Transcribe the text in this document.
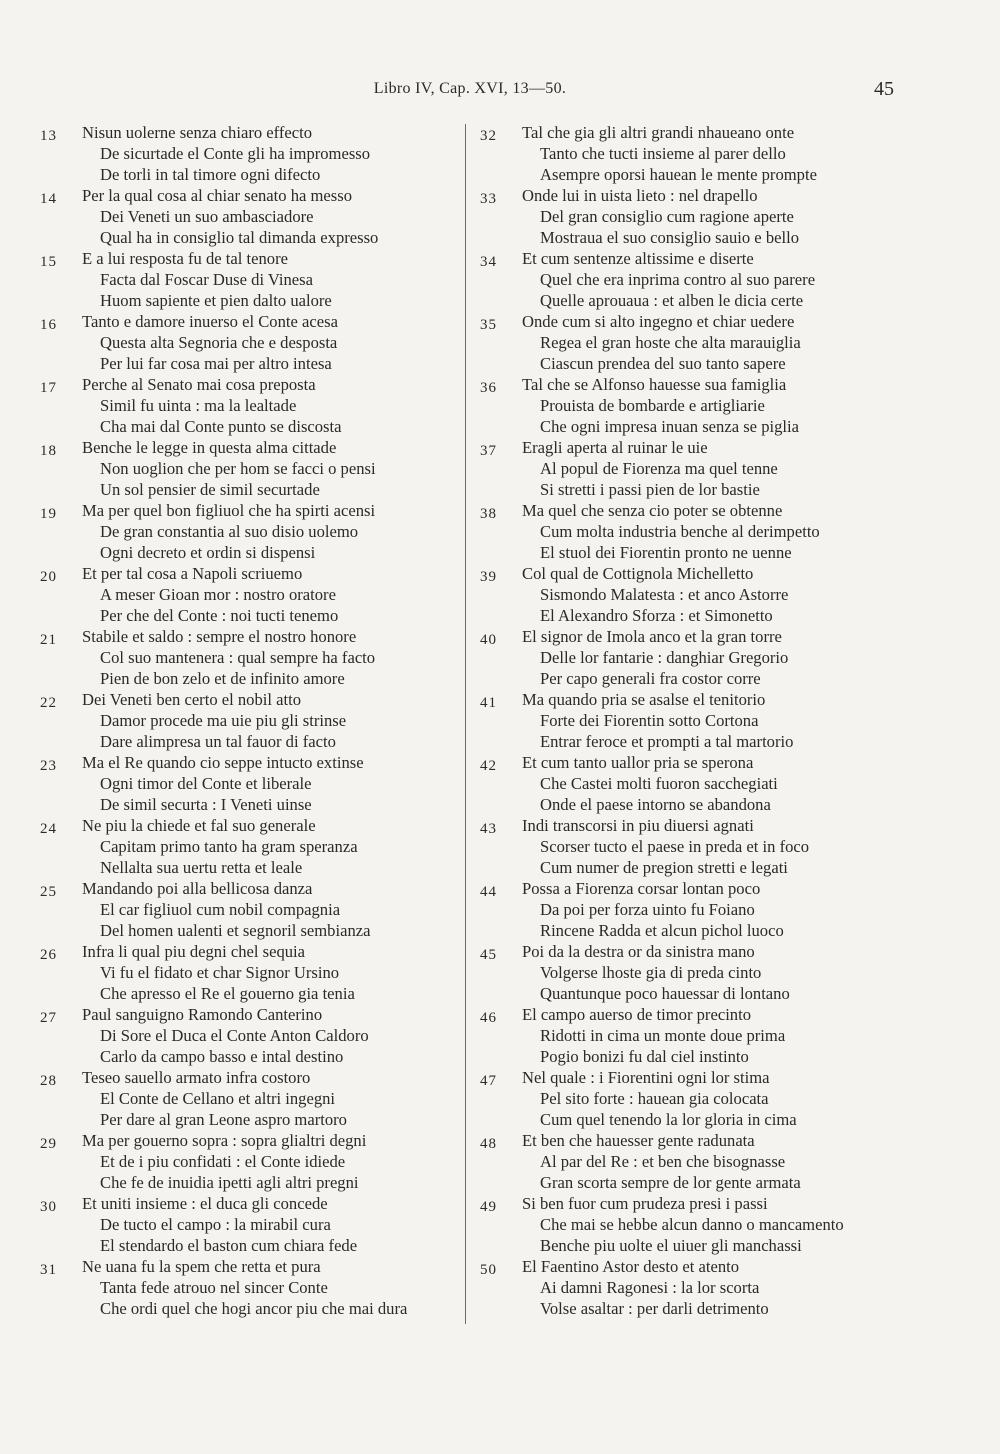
Libro IV, Cap. XVI, 13—50.	45
13	Nisun uolerne senza chiaro effecto
De sicurtade el Conte gli ha impromesso
De torli in tal timore ogni difecto
14	Per la qual cosa al chiar senato ha messo
Dei Veneti un suo ambasciadore
Qual ha in consiglio tal dimanda expresso
15	E a lui resposta fu de tal tenore
Facta dal Foscar Duse di Vinesa
Huom sapiente et pien dalto ualore
16	Tanto e damore inuerso el Conte acesa
Questa alta Segnoria che e desposta
Per lui far cosa mai per altro intesa
17	Perche al Senato mai cosa preposta
Simil fu uinta : ma la lealtade
Cha mai dal Conte punto se discosta
18	Benche le legge in questa alma cittade
Non uoglion che per hom se facci o pensi
Un sol pensier de simil securtade
19	Ma per quel bon figliuol che ha spirti acensi
De gran constantia al suo disio uolemo
Ogni decreto et ordin si dispensi
20	Et per tal cosa a Napoli scriuemo
A meser Gioan mor : nostro oratore
Per che del Conte : noi tucti tenemo
21	Stabile et saldo : sempre el nostro honore
Col suo mantenera : qual sempre ha facto
Pien de bon zelo et de infinito amore
22	Dei Veneti ben certo el nobil atto
Damor procede ma uie piu gli strinse
Dare alimpresa un tal fauor di facto
23	Ma el Re quando cio seppe intucto extinse
Ogni timor del Conte et liberale
De simil securta : I Veneti uinse
24	Ne piu la chiede et fal suo generale
Capitam primo tanto ha gram speranza
Nellalta sua uertu retta et leale
25	Mandando poi alla bellicosa danza
El car figliuol cum nobil compagnia
Del homen ualenti et segnoril sembianza
26	Infra li qual piu degni chel sequia
Vi fu el fidato et char Signor Ursino
Che apresso el Re el gouerno gia tenia
27	Paul sanguigno Ramondo Canterino
Di Sore el Duca el Conte Anton Caldoro
Carlo da campo basso e intal destino
28	Teseo sauello armato infra costoro
El Conte de Cellano et altri ingegni
Per dare al gran Leone aspro martoro
29	Ma per gouerno sopra : sopra glialtri degni
Et de i piu confidati : el Conte idiede
Che fe de inuidia ipetti agli altri pregni
30	Et uniti insieme : el duca gli concede
De tucto el campo : la mirabil cura
El stendardo el baston cum chiara fede
31	Ne uana fu la spem che retta et pura
Tanta fede atrouo nel sincer Conte
Che ordi quel che hogi ancor piu che mai dura
32	Tal che gia gli altri grandi nhaueano onte
Tanto che tucti insieme al parer dello
Asempre oporsi hauean le mente prompte
33	Onde lui in uista lieto : nel drapello
Del gran consiglio cum ragione aperte
Mostraua el suo consiglio sauio e bello
34	Et cum sentenze altissime e diserte
Quel che era inprima contro al suo parere
Quelle aprouaua : et alben le dicia certe
35	Onde cum si alto ingegno et chiar uedere
Regea el gran hoste che alta marauiglia
Ciascun prendea del suo tanto sapere
36	Tal che se Alfonso hauesse sua famiglia
Prouista de bombarde e artigliarie
Che ogni impresa inuan senza se piglia
37	Eragli aperta al ruinar le uie
Al popul de Fiorenza ma quel tenne
Si stretti i passi pien de lor bastie
38	Ma quel che senza cio poter se obtenne
Cum molta industria benche al derimpetto
El stuol dei Fiorentin pronto ne uenne
39	Col qual de Cottignola Michelletto
Sismondo Malatesta : et anco Astorre
El Alexandro Sforza : et Simonetto
40	El signor de Imola anco et la gran torre
Delle lor fantarie : danghiar Gregorio
Per capo generali fra costor corre
41	Ma quando pria se asalse el tenitorio
Forte dei Fiorentin sotto Cortona
Entrar feroce et prompti a tal martorio
42	Et cum tanto uallor pria se sperona
Che Castei molti fuoron sacchegiati
Onde el paese intorno se abandona
43	Indi transcorsi in piu diuersi agnati
Scorser tucto el paese in preda et in foco
Cum numer de pregion stretti e legati
44	Possa a Fiorenza corsar lontan poco
Da poi per forza uinto fu Foiano
Rincene Radda et alcun pichol luoco
45	Poi da la destra or da sinistra mano
Volgerse lhoste gia di preda cinto
Quantunque poco hauessar di lontano
46	El campo auerso de timor precinto
Ridotti in cima un monte doue prima
Pogio bonizi fu dal ciel instinto
47	Nel quale : i Fiorentini ogni lor stima
Pel sito forte : hauean gia colocata
Cum quel tenendo la lor gloria in cima
48	Et ben che hauesser gente radunata
Al par del Re : et ben che bisognasse
Gran scorta sempre de lor gente armata
49	Si ben fuor cum prudeza presi i passi
Che mai se hebbe alcun danno o mancamento
Benche piu uolte el uiuer gli manchassi
50	El Faentino Astor desto et atento
Ai damni Ragonesi : la lor scorta
Volse asaltar : per darli detrimento
